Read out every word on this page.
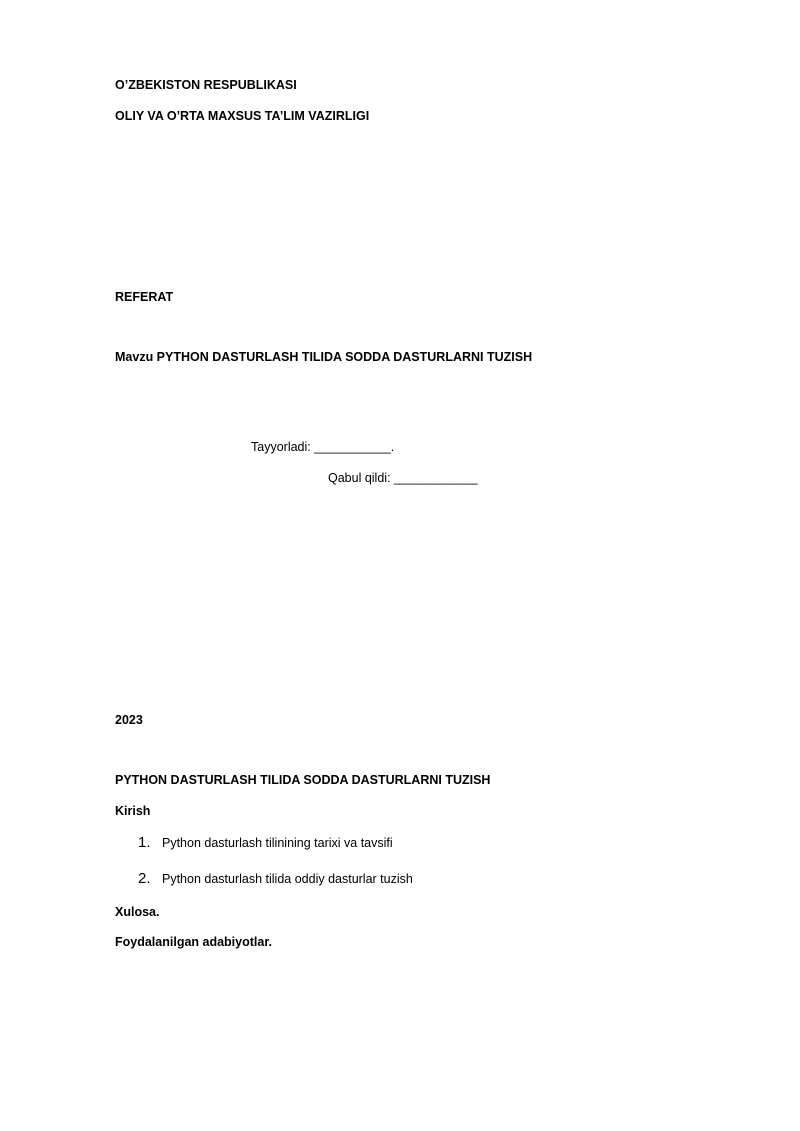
O’ZBEKISTON RESPUBLIKASI

OLIY VA O’RTA MAXSUS TA’LIM VAZIRLIGI

REFERAT

Mavzu PYTHON DASTURLASH TILIDA SODDA DASTURLARNI TUZISH

Tayyorladi: ___________.

Qabul qildi: ____________

2023

PYTHON DASTURLASH TILIDA SODDA DASTURLARNI TUZISH

Kirish

1. Python dasturlash tilinining tarixi va tavsifi
2. Python dasturlash tilida oddiy dasturlar tuzish

Xulosa.

Foydalanilgan adabiyotlar.
